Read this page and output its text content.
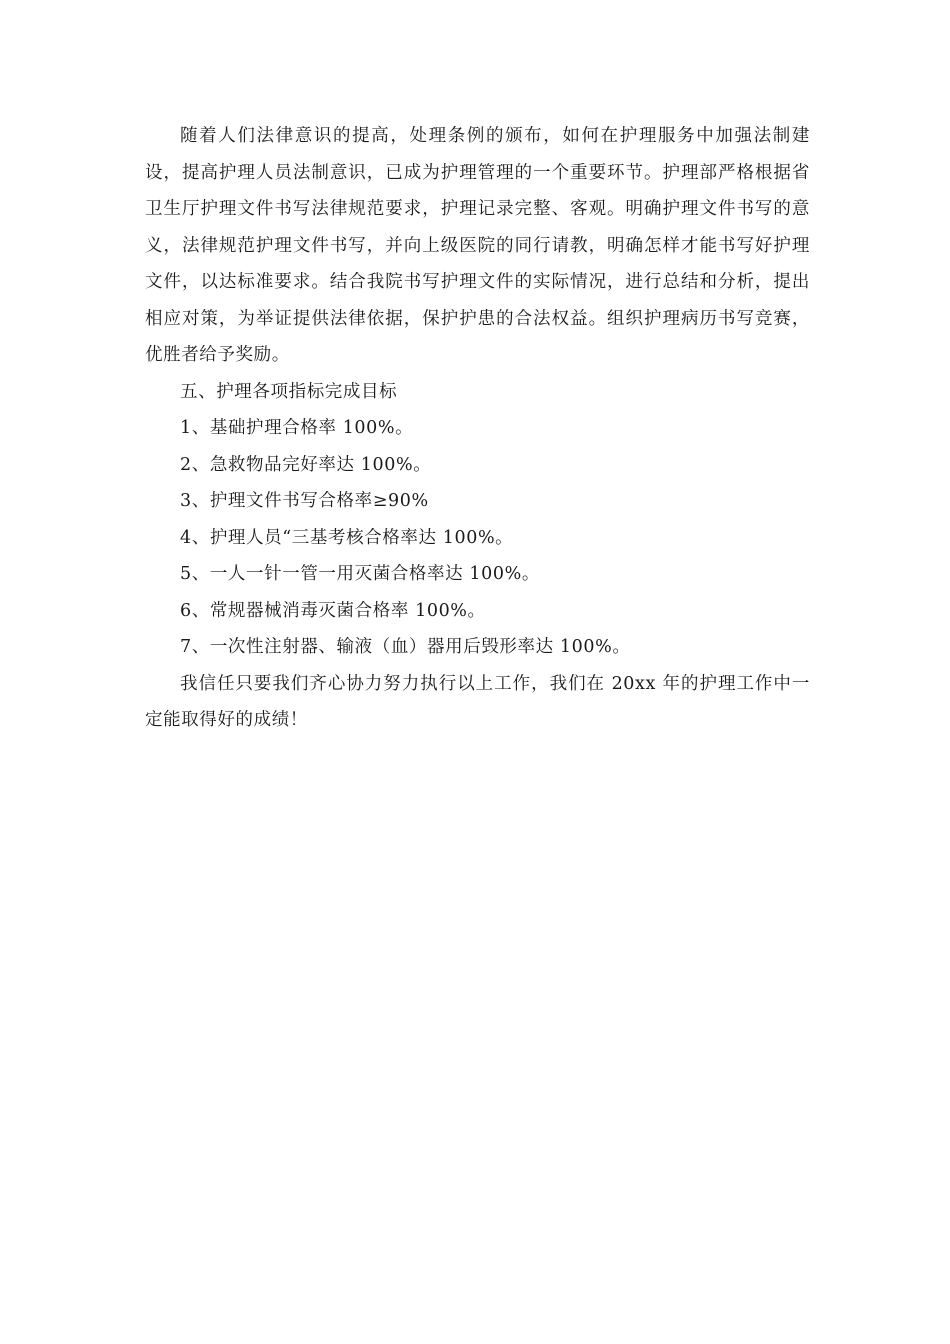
随着人们法律意识的提高，处理条例的颁布，如何在护理服务中加强法制建设，提高护理人员法制意识，已成为护理管理的一个重要环节。护理部严格根据省卫生厅护理文件书写法律规范要求，护理记录完整、客观。明确护理文件书写的意义，法律规范护理文件书写，并向上级医院的同行请教，明确怎样才能书写好护理文件，以达标准要求。结合我院书写护理文件的实际情况，进行总结和分析，提出相应对策，为举证提供法律依据，保护护患的合法权益。组织护理病历书写竞赛，优胜者给予奖励。

五、护理各项指标完成目标

1、基础护理合格率 100%。

2、急救物品完好率达 100%。

3、护理文件书写合格率≥90%

4、护理人员“三基考核合格率达 100%。

5、一人一针一管一用灭菌合格率达 100%。

6、常规器械消毒灭菌合格率 100%。

7、一次性注射器、输液（血）器用后毁形率达 100%。

我信任只要我们齐心协力努力执行以上工作，我们在 20xx 年的护理工作中一定能取得好的成绩！
